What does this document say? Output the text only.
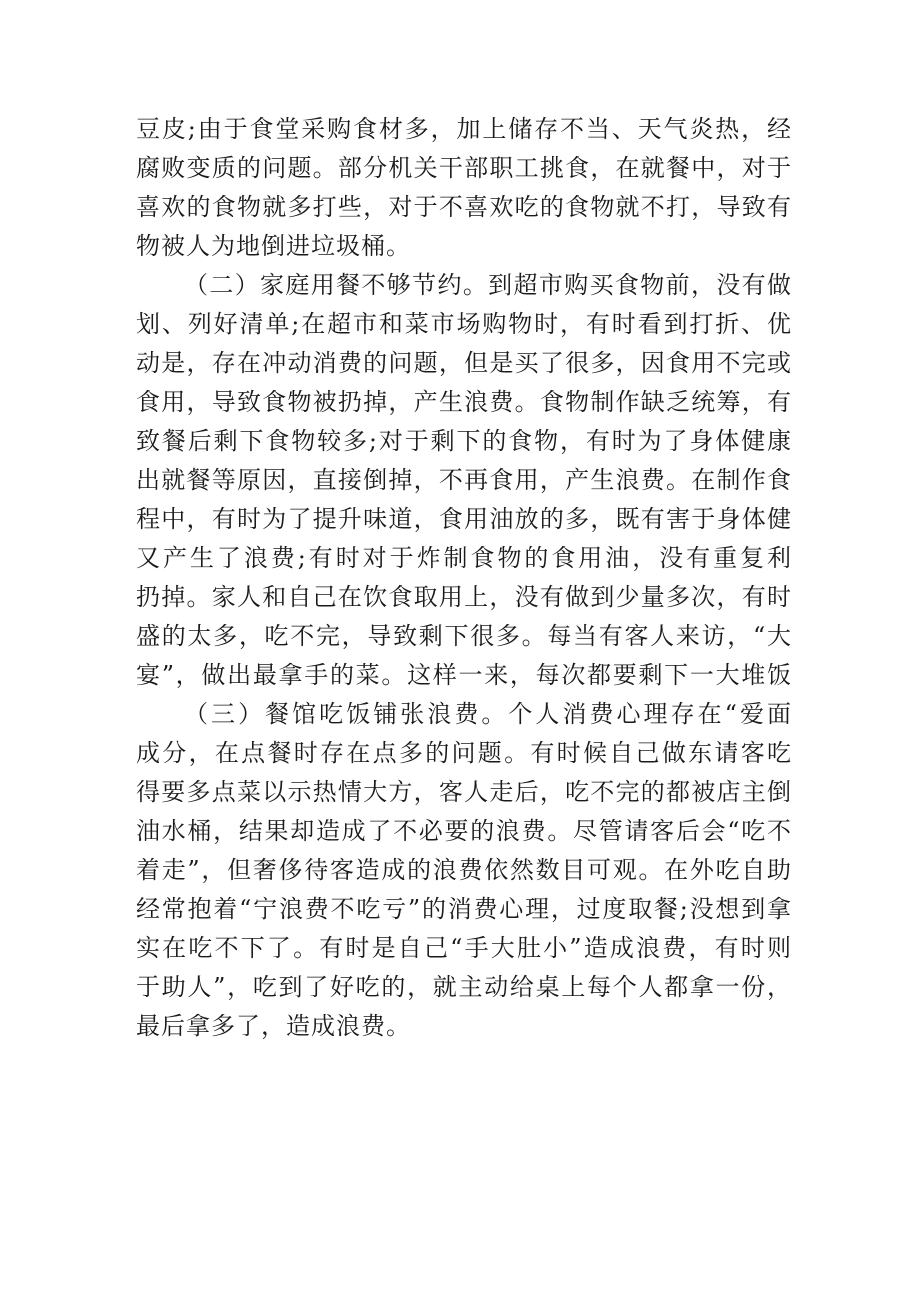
豆皮;由于食堂采购食材多，加上储存不当、天气炎热，经
腐败变质的问题。部分机关干部职工挑食，在就餐中，对于
喜欢的食物就多打些，对于不喜欢吃的食物就不打，导致有
物被人为地倒进垃圾桶。
（二）家庭用餐不够节约。到超市购买食物前，没有做
划、列好清单;在超市和菜市场购物时，有时看到打折、优
动是，存在冲动消费的问题，但是买了很多，因食用不完或
食用，导致食物被扔掉，产生浪费。食物制作缺乏统筹，有
致餐后剩下食物较多;对于剩下的食物，有时为了身体健康
出就餐等原因，直接倒掉，不再食用，产生浪费。在制作食
程中，有时为了提升味道，食用油放的多，既有害于身体健
又产生了浪费;有时对于炸制食物的食用油，没有重复利
扔掉。家人和自己在饮食取用上，没有做到少量多次，有时
盛的太多，吃不完，导致剩下很多。每当有客人来访，“大
宴”，做出最拿手的菜。这样一来，每次都要剩下一大堆饭
（三）餐馆吃饭铺张浪费。个人消费心理存在“爱面
成分，在点餐时存在点多的问题。有时候自己做东请客吃
得要多点菜以示热情大方，客人走后，吃不完的都被店主倒
油水桶，结果却造成了不必要的浪费。尽管请客后会“吃不
着走”，但奢侈待客造成的浪费依然数目可观。在外吃自助
经常抱着“宁浪费不吃亏”的消费心理，过度取餐;没想到拿
实在吃不下了。有时是自己“手大肚小”造成浪费，有时则
于助人”，吃到了好吃的，就主动给桌上每个人都拿一份，
最后拿多了，造成浪费。
